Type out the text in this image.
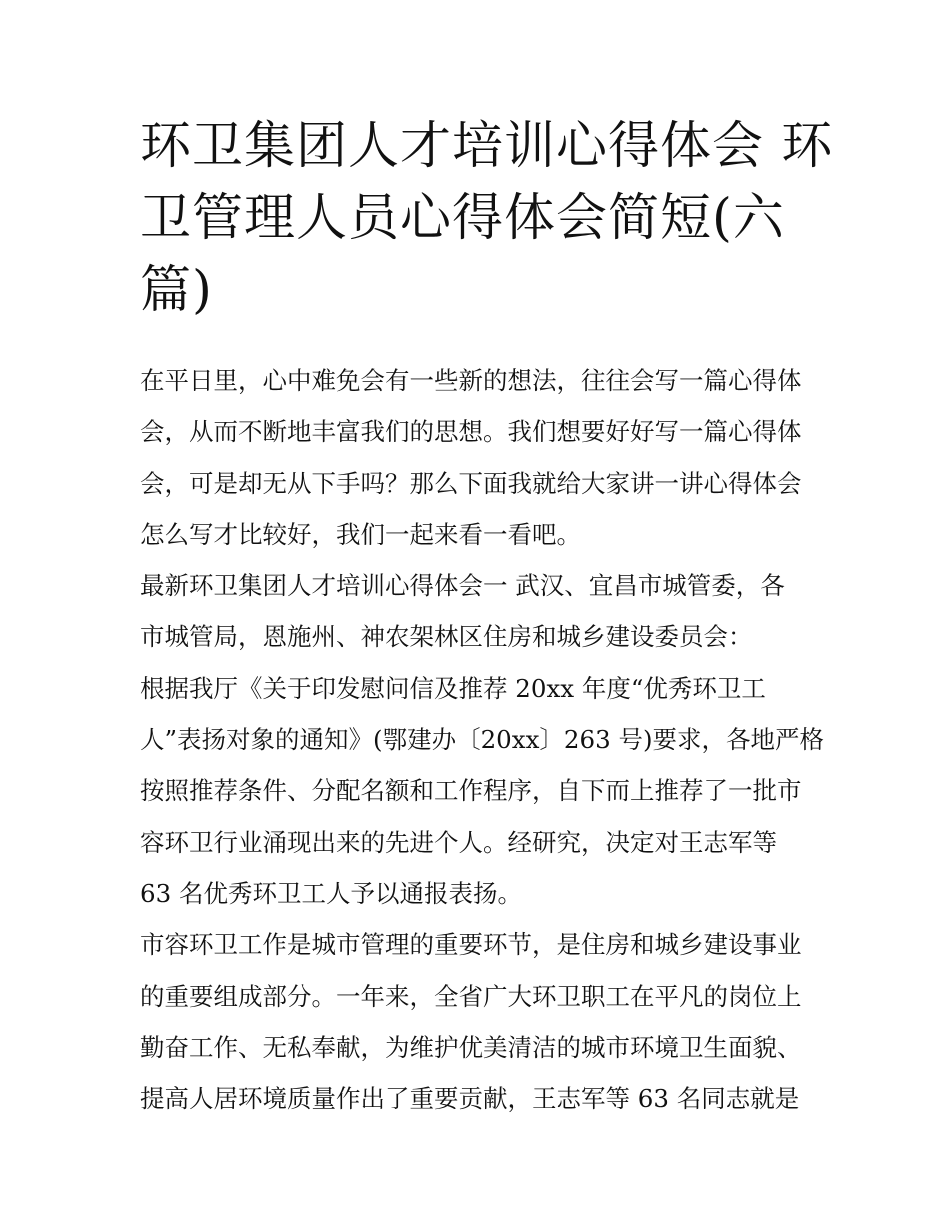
环卫集团人才培训心得体会 环
卫管理人员心得体会简短(六
篇)
在平日里，心中难免会有一些新的想法，往往会写一篇心得体
会，从而不断地丰富我们的思想。我们想要好好写一篇心得体
会，可是却无从下手吗？那么下面我就给大家讲一讲心得体会
怎么写才比较好，我们一起来看一看吧。
最新环卫集团人才培训心得体会一 武汉、宜昌市城管委，各
市城管局，恩施州、神农架林区住房和城乡建设委员会：
根据我厅《关于印发慰问信及推荐 20xx 年度“优秀环卫工
人”表扬对象的通知》(鄂建办〔20xx〕263 号)要求，各地严格
按照推荐条件、分配名额和工作程序，自下而上推荐了一批市
容环卫行业涌现出来的先进个人。经研究，决定对王志军等
63 名优秀环卫工人予以通报表扬。
市容环卫工作是城市管理的重要环节，是住房和城乡建设事业
的重要组成部分。一年来，全省广大环卫职工在平凡的岗位上
勤奋工作、无私奉献，为维护优美清洁的城市环境卫生面貌、
提高人居环境质量作出了重要贡献，王志军等 63 名同志就是
